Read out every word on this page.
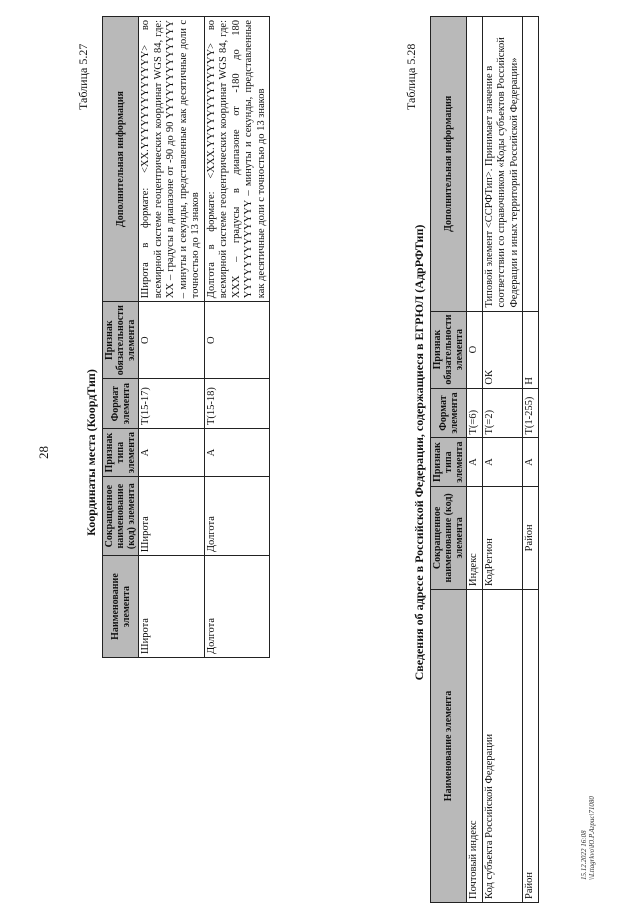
28
Таблица 5.27
Координаты места (КоордТип)
Наименование элемента	Сокращенное наименование (код) элемента	Признак типа элемента	Формат элемента	Признак обязательности элемента	Дополнительная информация
Широта	Широта	A	T(15-17)	O	Широта в формате: <XX.YYYYYYYYYYYYY> во всемирной системе геоцентрических координат WGS 84, где: XX – градусы в диапазоне от -90 до 90 YYYYYYYYYYYYY – минуты и секунды, представленные как десятичные доли с точностью до 13 знаков
Долгота	Долгота	A	T(15-18)	O	Долгота в формате: <XXX.YYYYYYYYYYYYY> во всемирной системе геоцентрических координат WGS 84, где: XXX – градусы в диапазоне от -180 до 180 YYYYYYYYYYYYY – минуты и секунды, представленные как десятичные доли с точностью до 13 знаков
Таблица 5.28
Сведения об адресе в Российской Федерации, содержащиеся в ЕГРЮЛ (АдрРФТип)
Наименование элемента	Сокращенное наименование (код) элемента	Признак типа элемента	Формат элемента	Признак обязательности элемента	Дополнительная информация
Почтовый индекс	Индекс	A	T(=6)	O	
Код субъекта Российской Федерации	КодРегион	A	T(=2)	ОК	Типовой элемент <ССРФТип>. Принимает значение в соответствии со справочником «Коды субъектов Российской Федерации и иных территорий Российской Федерации»
Район	Район	A	T(1-255)	Н	
15.12.2022 16:08 \\Lttagrkvo\Ю.Р.Агрис\71080
